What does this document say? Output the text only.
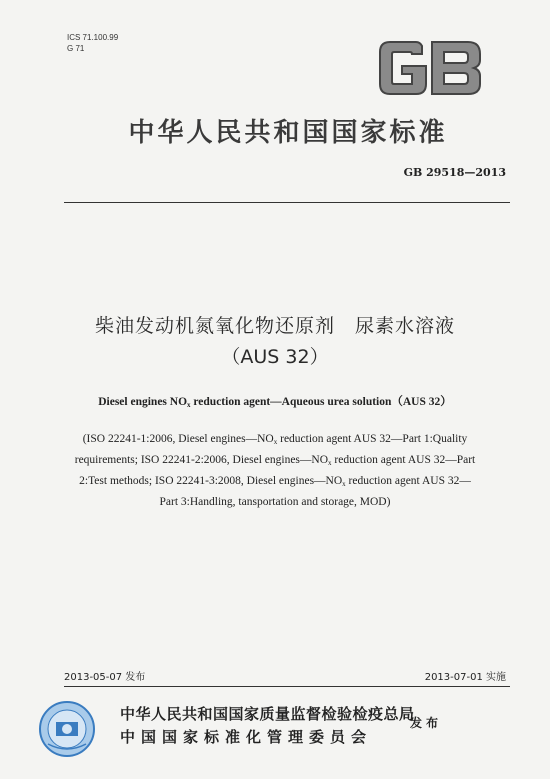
ICS 71.100.99
G 71
中华人民共和国国家标准
GB 29518—2013
柴油发动机氮氧化物还原剂　尿素水溶液
（AUS 32）
Diesel engines $NO_x$ reduction agent—Aqueous urea solution（AUS 32）
(ISO 22241-1:2006, Diesel $engines—NO_x$ reduction agent AUS 32—Part 1:Quality requirements; ISO 22241-2:2006, Diesel $engines—NO_x$ reduction agent AUS 32—Part 2:Test methods; ISO 22241-3:2008, Diesel $engines—NO_x$ reduction agent AUS 32—Part 3:Handling, tansportation and storage, MOD)
2013-05-07 发布	2013-07-01 实施
中华人民共和国国家质量监督检验检疫总局
中国国家标准化管理委员会
发布
